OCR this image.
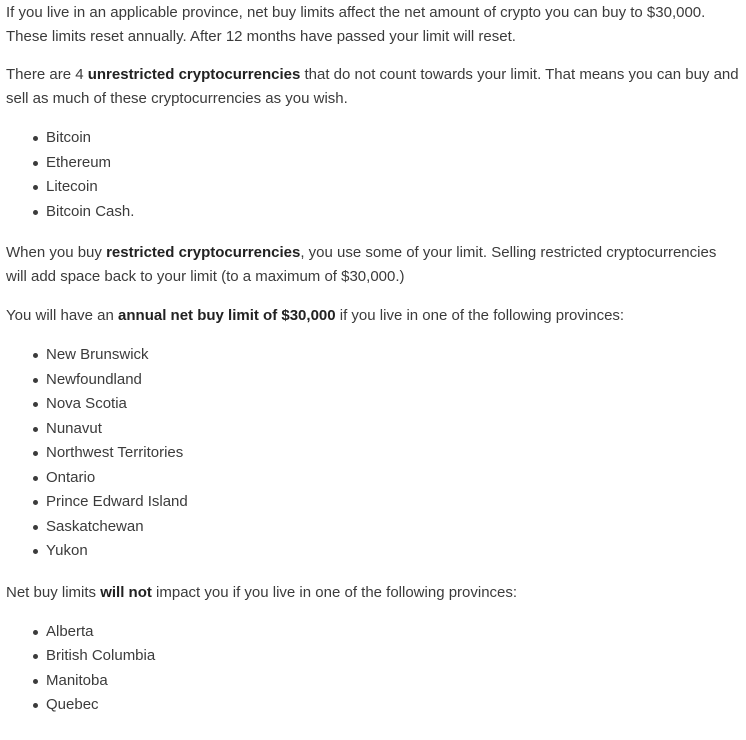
If you live in an applicable province, net buy limits affect the net amount of crypto you can buy to $30,000. These limits reset annually. After 12 months have passed your limit will reset.

There are 4 unrestricted cryptocurrencies that do not count towards your limit. That means you can buy and sell as much of these cryptocurrencies as you wish.

Bitcoin
Ethereum
Litecoin
Bitcoin Cash.

When you buy restricted cryptocurrencies, you use some of your limit. Selling restricted cryptocurrencies will add space back to your limit (to a maximum of $30,000.)

You will have an annual net buy limit of $30,000 if you live in one of the following provinces:

New Brunswick
Newfoundland
Nova Scotia
Nunavut
Northwest Territories
Ontario
Prince Edward Island
Saskatchewan
Yukon

Net buy limits will not impact you if you live in one of the following provinces:

Alberta
British Columbia
Manitoba
Quebec
